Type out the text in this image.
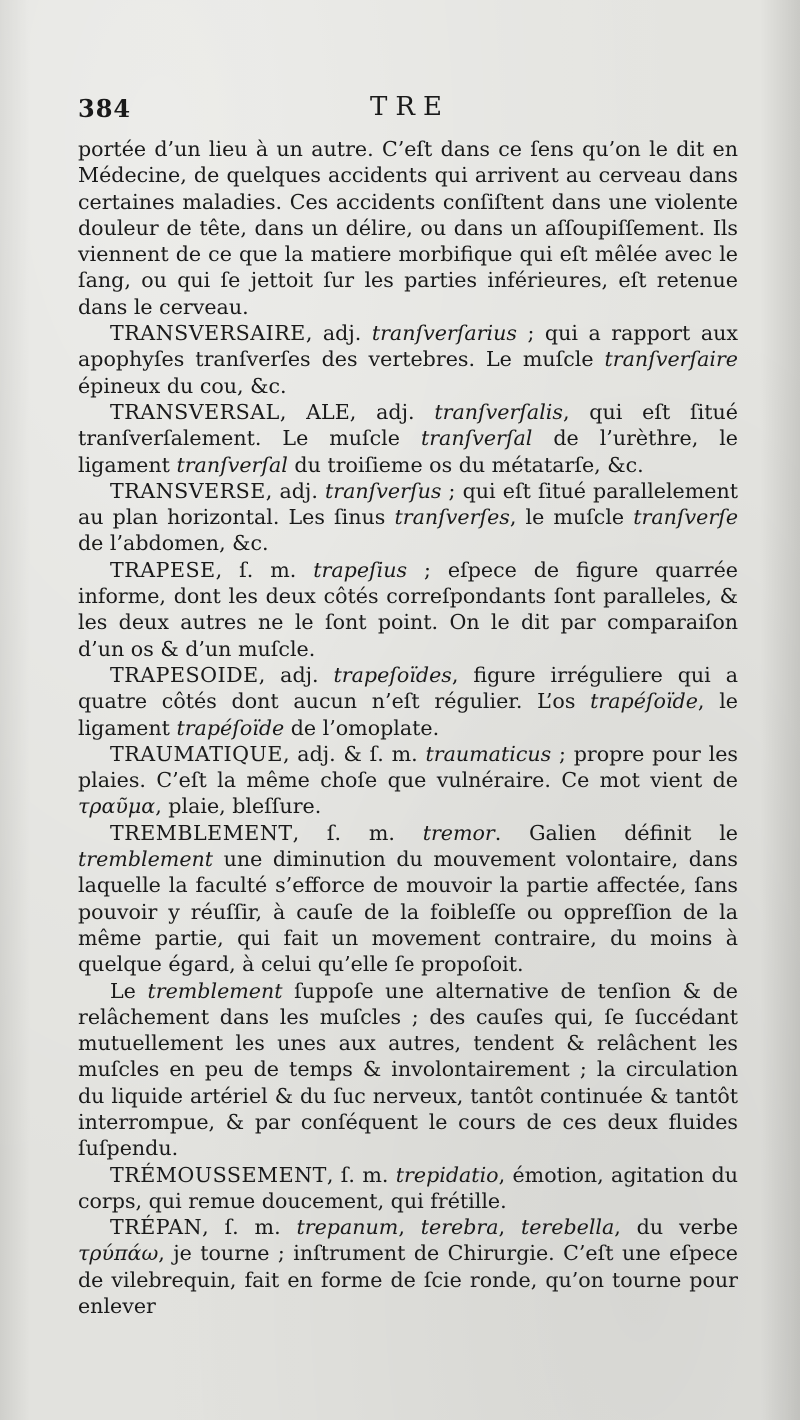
384	TRE

portée d’un lieu à un autre. C’eſt dans ce ſens qu’on le dit en Médecine, de quelques accidents qui arrivent au cerveau dans certaines maladies. Ces accidents conſiſtent dans une violente douleur de tête, dans un délire, ou dans un aſſoupiſſement. Ils viennent de ce que la matiere morbifique qui eſt mêlée avec le ſang, ou qui ſe jettoit ſur les parties inférieures, eſt retenue dans le cerveau.

TRANSVERSAIRE, adj. tranſverſarius ; qui a rapport aux apophyſes tranſverſes des vertebres. Le muſcle tranſverſaire épineux du cou, &c.

TRANSVERSAL, ALE, adj. tranſverſalis, qui eſt ſitué tranſverſalement. Le muſcle tranſverſal de l’urèthre, le ligament tranſverſal du troiſieme os du métatarſe, &c.

TRANSVERSE, adj. tranſverſus ; qui eſt ſitué parallelement au plan horizontal. Les ſinus tranſverſes, le muſcle tranſverſe de l’abdomen, &c.

TRAPESE, ſ. m. trapeſius ; eſpece de figure quarrée informe, dont les deux côtés correſpondants ſont paralleles, & les deux autres ne le ſont point. On le dit par comparaiſon d’un os & d’un muſcle.

TRAPESOIDE, adj. trapeſoïdes, figure irréguliere qui a quatre côtés dont aucun n’eſt régulier. L’os trapéſoïde, le ligament trapéſoïde de l’omoplate.

TRAUMATIQUE, adj. & ſ. m. traumaticus ; propre pour les plaies. C’eſt la même choſe que vulnéraire. Ce mot vient de τραῦμα, plaie, bleſſure.

TREMBLEMENT, ſ. m. tremor. Galien définit le tremblement une diminution du mouvement volontaire, dans laquelle la faculté s’efforce de mouvoir la partie affectée, ſans pouvoir y réuſſir, à cauſe de la foibleſſe ou oppreſſion de la même partie, qui fait un movement contraire, du moins à quelque égard, à celui qu’elle ſe propoſoit.

Le tremblement ſuppoſe une alternative de tenſion & de relâchement dans les muſcles ; des cauſes qui, ſe ſuccédant mutuellement les unes aux autres, tendent & relâchent les muſcles en peu de temps & involontairement ; la circulation du liquide artériel & du ſuc nerveux, tantôt continuée & tantôt interrompue, & par conſéquent le cours de ces deux fluides ſuſpendu.

TRÉMOUSSEMENT, ſ. m. trepidatio, émotion, agitation du corps, qui remue doucement, qui frétille.

TRÉPAN, ſ. m. trepanum, terebra, terebella, du verbe τρύπάω, je tourne ; inſtrument de Chirurgie. C’eſt une eſpece de vilebrequin, fait en forme de ſcie ronde, qu’on tourne pour enlever
